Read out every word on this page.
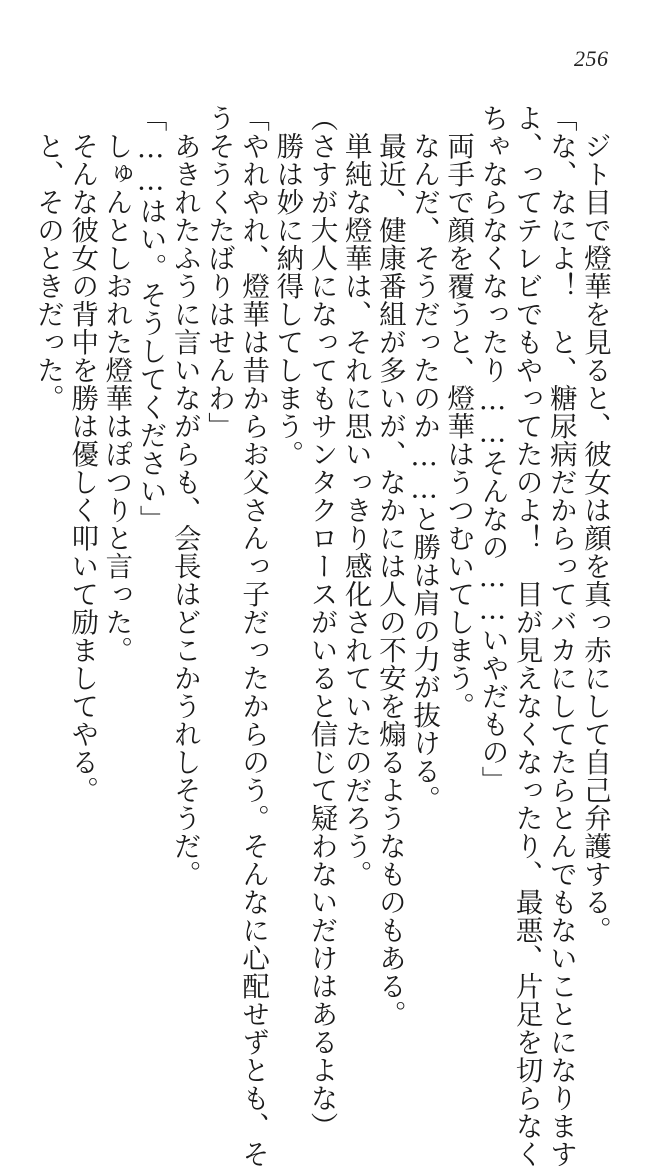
256
ジト目で燈華を見ると、彼女は顔を真っ赤にして自己弁護する。
「な、なによ！　と、糖尿病だからってバカにしてたらとんでもないことになります
よ、ってテレビでもやってたのよ！　目が見えなくなったり、最悪、片足を切らなく
ちゃならなくなったり……そんなの……いやだもの」
両手で顔を覆うと、燈華はうつむいてしまう。
なんだ、そうだったのか……と勝は肩の力が抜ける。
最近、健康番組が多いが、なかには人の不安を煽るようなものもある。
単純な燈華は、それに思いっきり感化されていたのだろう。
（さすが大人になってもサンタクロースがいると信じて疑わないだけはあるよな）
勝は妙に納得してしまう。
「やれやれ、燈華は昔からお父さんっ子だったからのう。そんなに心配せずとも、そ
うそうくたばりはせんわ」
あきれたふうに言いながらも、会長はどこかうれしそうだ。
「……はい。そうしてください」
しゅんとしおれた燈華はぽつりと言った。
そんな彼女の背中を勝は優しく叩いて励ましてやる。
と、そのときだった。
